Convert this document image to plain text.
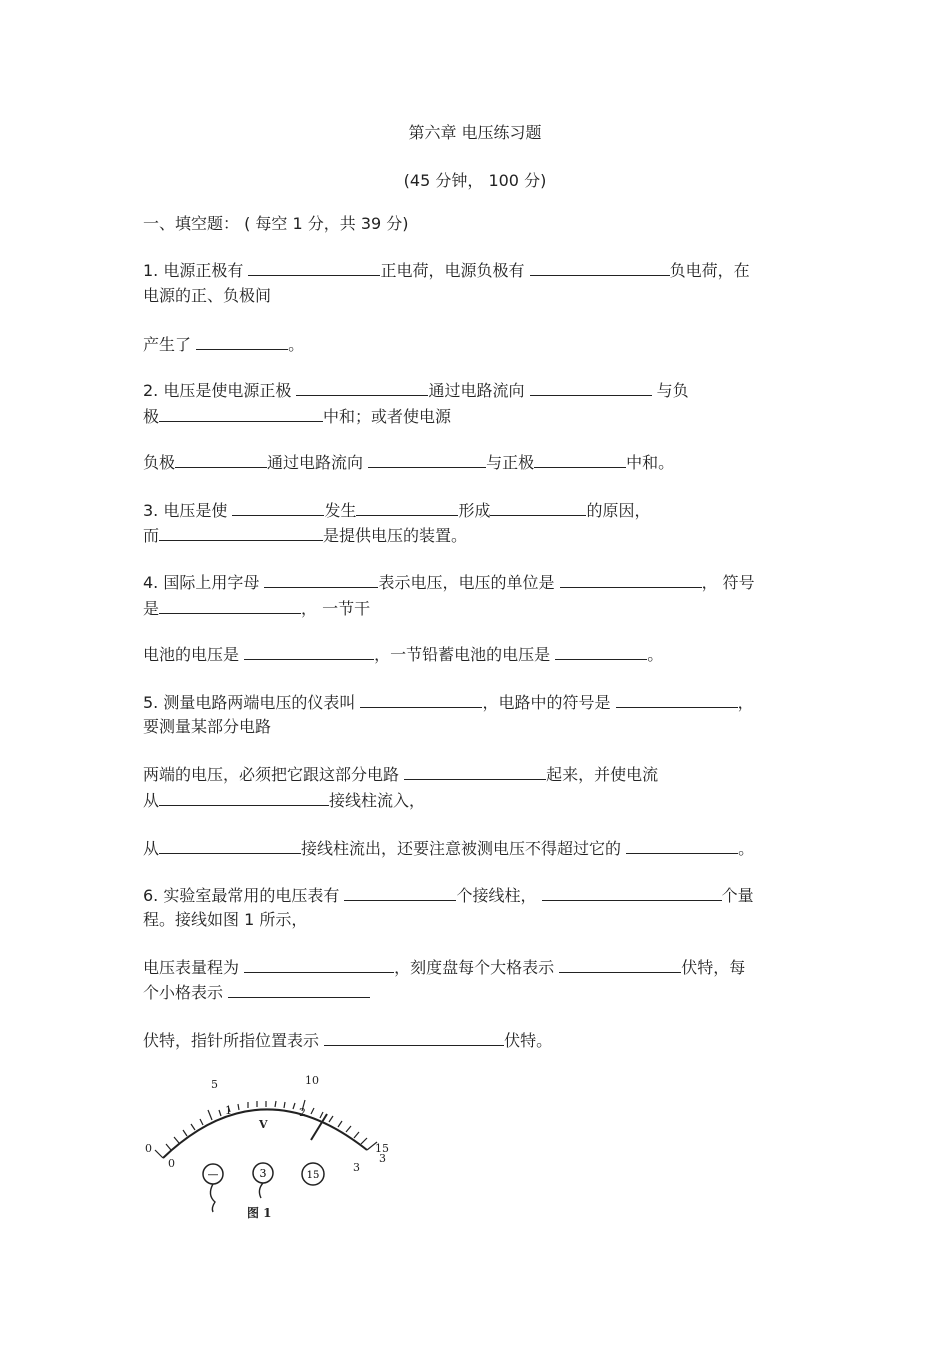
第六章 电压练习题
(45 分钟， 100 分)
一、填空题： ( 每空 1 分，共 39 分)
1. 电源正极有	正电荷，电源负极有	负电荷，在
电源的正、负极间
产生了	。
2. 电压是使电源正极	通过电路流向	与负
极	中和；或者使电源
负极	通过电路流向	与正极	中和。
3. 电压是使	发生	形成	的原因，
而	是提供电压的装置。
4. 国际上用字母	表示电压，电压的单位是	， 符号
是	， 一节干
电池的电压是	，一节铅蓄电池的电压是	。
5. 测量电路两端电压的仪表叫	，电路中的符号是	，
要测量某部分电路
两端的电压，必须把它跟这部分电路	起来，并使电流
从	接线柱流入，
从	接线柱流出，还要注意被测电压不得超过它的	。
6. 实验室最常用的电压表有	个接线柱，	个量
程。接线如图 1 所示，
电压表量程为	，刻度盘每个大格表示	伏特，每
个小格表示
伏特，指针所指位置表示	伏特。
5	10
1	2
3
0
0
15
3
V
—	3	15
图 1
